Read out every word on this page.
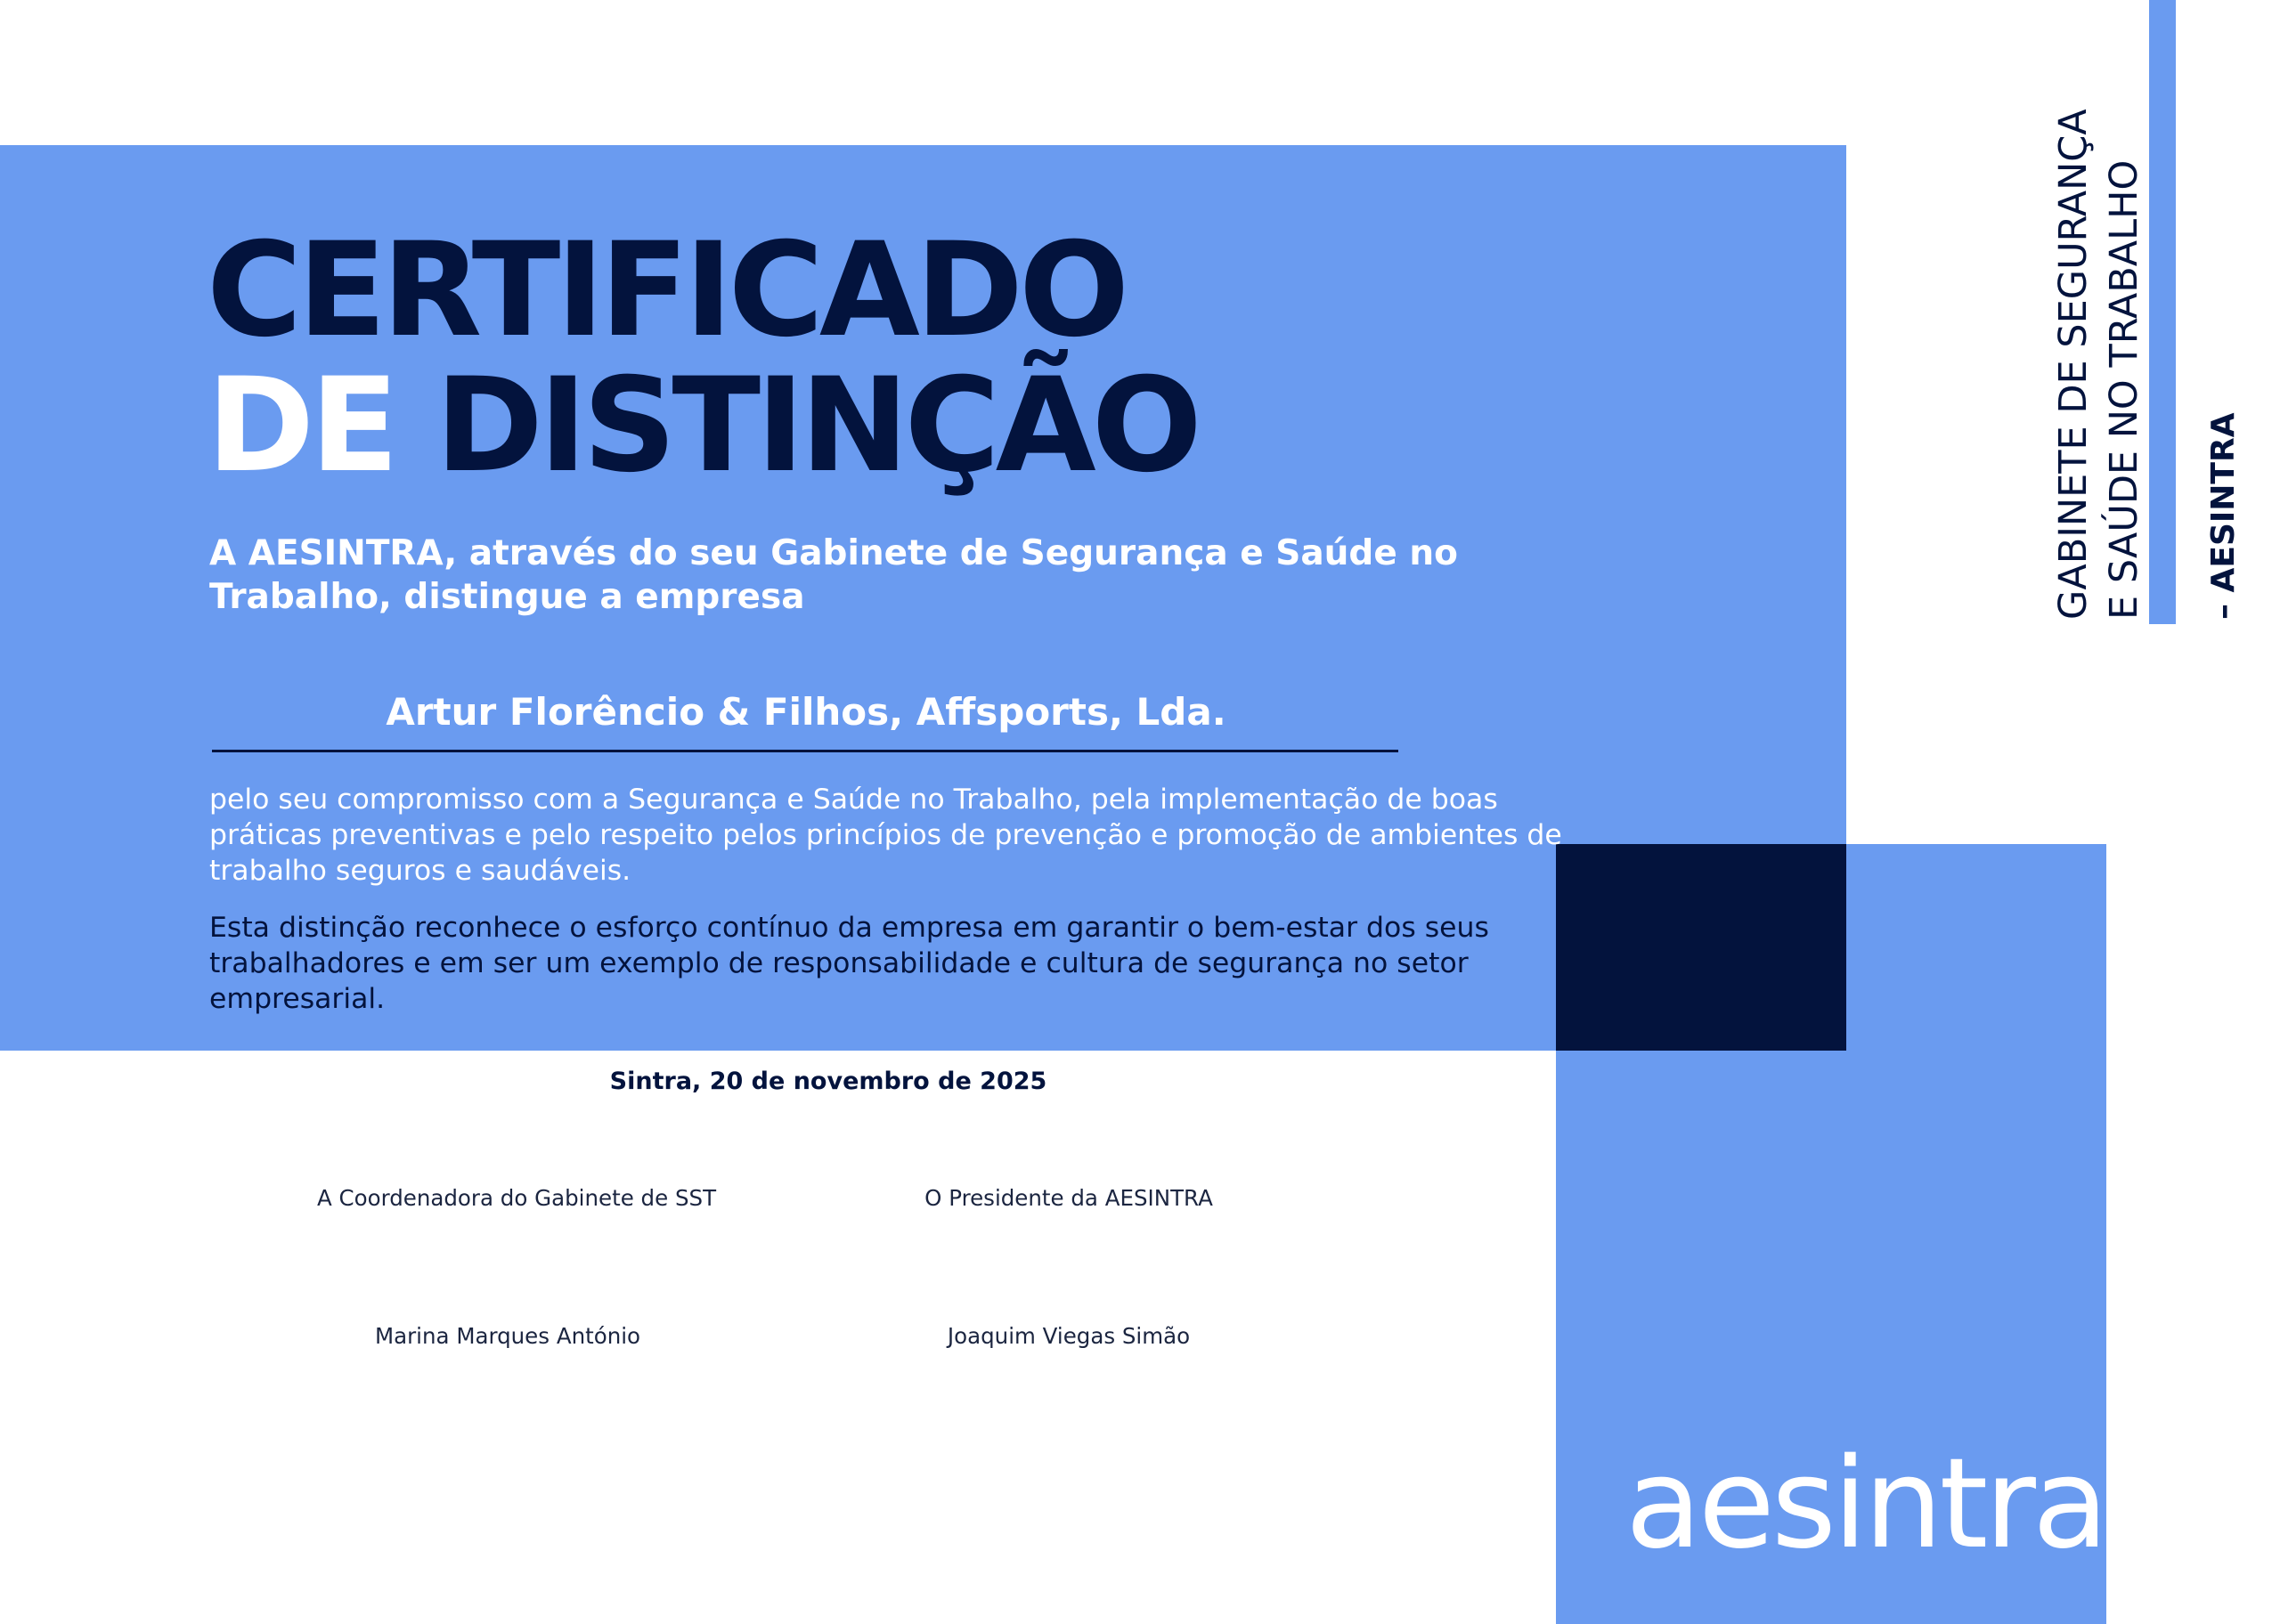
CERTIFICADO
DE DISTINÇÃO

A AESINTRA, através do seu Gabinete de Segurança e Saúde no Trabalho, distingue a empresa

Artur Florêncio & Filhos, Affsports, Lda.

pelo seu compromisso com a Segurança e Saúde no Trabalho, pela implementação de boas práticas preventivas e pelo respeito pelos princípios de prevenção e promoção de ambientes de trabalho seguros e saudáveis.

Esta distinção reconhece o esforço contínuo da empresa em garantir o bem-estar dos seus trabalhadores e em ser um exemplo de responsabilidade e cultura de segurança no setor empresarial.

Sintra, 20 de novembro de 2025
A Coordenadora do Gabinete de SST	O Presidente da AESINTRA
Marina Marques António	Joaquim Viegas Simão
GABINETE DE SEGURANÇA E SAÚDE NO TRABALHO – AESINTRA
aesintra
